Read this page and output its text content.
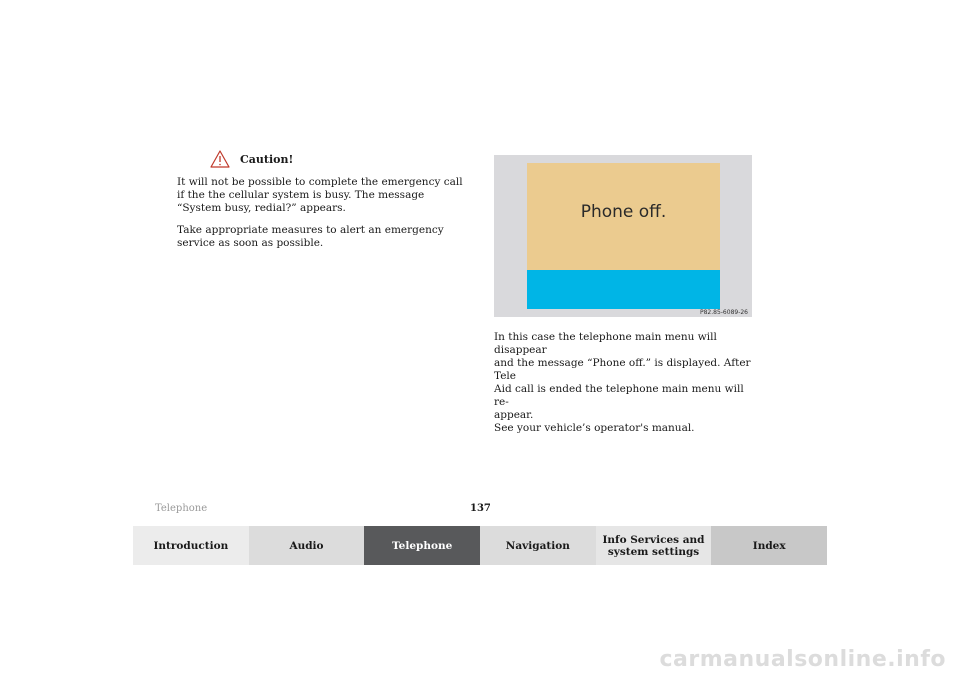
Caution!

It will not be possible to complete the emergency call if the the cellular system is busy. The message “System busy, redial?” appears.

Take appropriate measures to alert an emergency service as soon as possible.

Phone off.
P82.85-6089-26

In this case the telephone main menu will disappear

and the message “Phone off.” is displayed. After Tele

Aid call is ended the telephone main menu will re-

appear.

See your vehicle’s operator's manual.

Telephone	137
Introduction	Audio	Telephone	Navigation	Info Services and system settings	Index
carmanualsonline.info
